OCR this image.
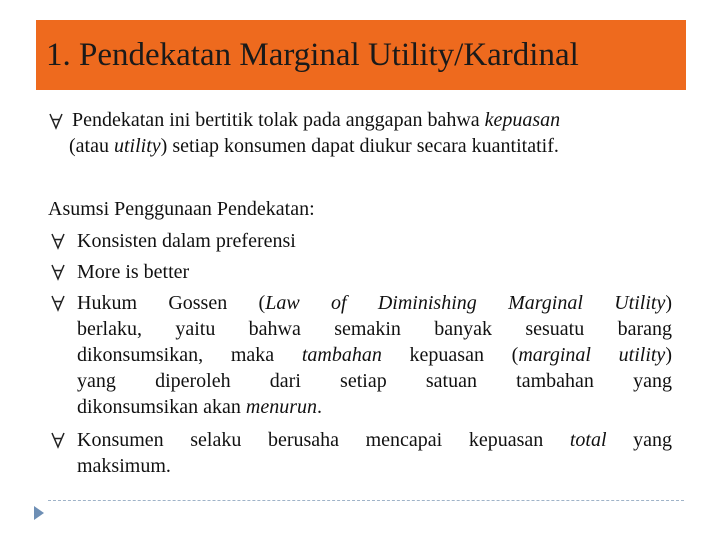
1. Pendekatan Marginal Utility/Kardinal
Pendekatan ini bertitik tolak pada anggapan bahwa kepuasan
(atau utility) setiap konsumen dapat diukur secara kuantitatif.
Asumsi Penggunaan Pendekatan:
Konsisten dalam preferensi
More is better
Hukum Gossen (Law of Diminishing Marginal Utility)
berlaku, yaitu bahwa semakin banyak sesuatu barang
dikonsumsikan, maka tambahan kepuasan (marginal utility)
yang diperoleh dari setiap satuan tambahan yang
dikonsumsikan akan menurun.
Konsumen selaku berusaha mencapai kepuasan total yang
maksimum.
